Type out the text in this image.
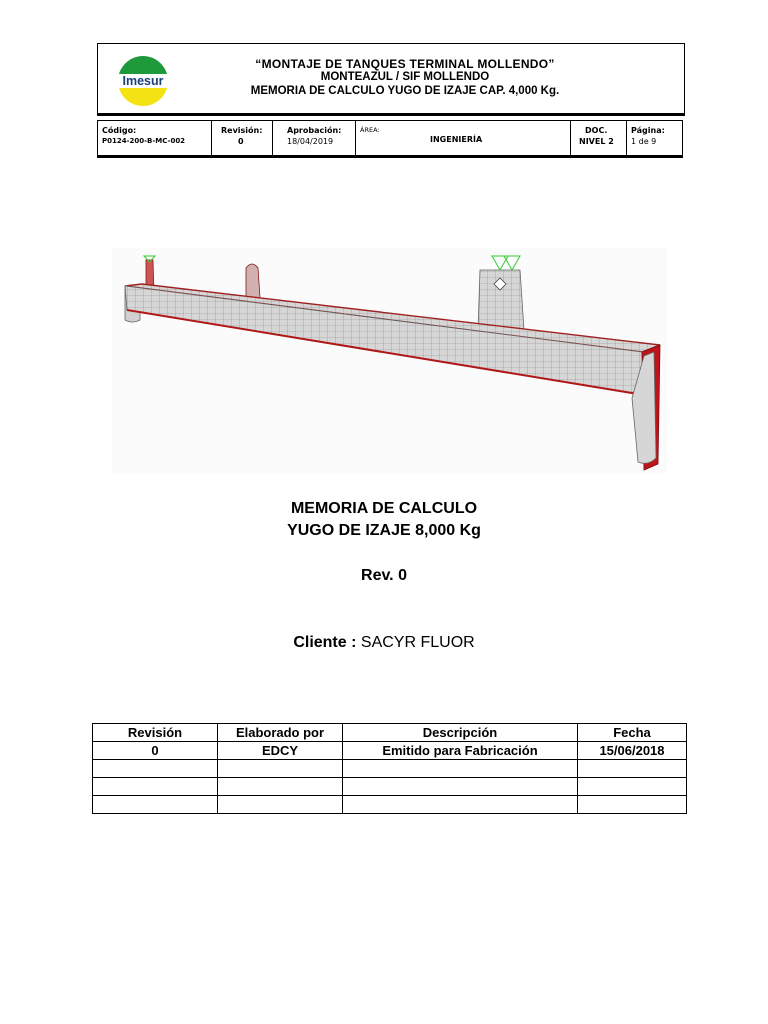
Imesur
“MONTAJE DE TANQUES TERMINAL MOLLENDO”
MONTEAZUL / SIF MOLLENDO
MEMORIA DE CALCULO YUGO DE IZAJE CAP. 4,000 Kg.
Código:
P0124-200-B-MC-002
Revisión:
0
Aprobación:
18/04/2019
ÁREA:
INGENIERÍA
DOC.
NIVEL 2
Página:
1 de 9
MEMORIA DE CALCULO
YUGO DE IZAJE 8,000 Kg
Rev. 0
Cliente : SACYR FLUOR
Revisión	Elaborado por	Descripción	Fecha
0	EDCY	Emitido para Fabricación	15/06/2018
